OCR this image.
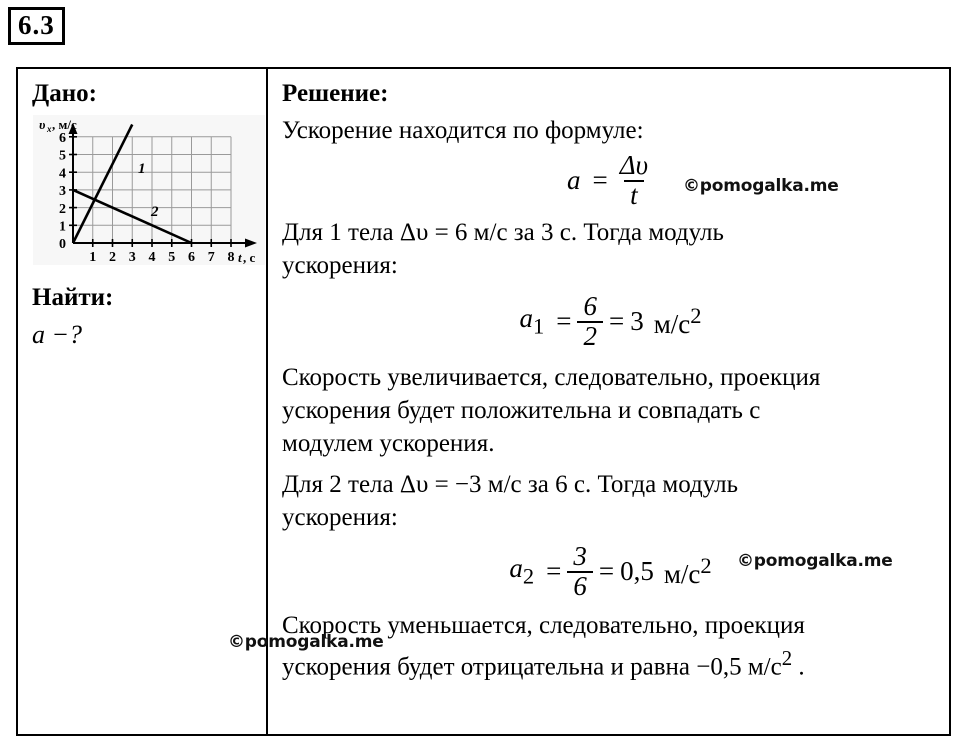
6.3
Дано:
0
1
2
3
4
5
6
1 2 3 4 5 6 7 8
υ x , м/с
t , c
1
2
Найти:
a −?
Решение:
Ускорение находится по формуле:
$a = \frac{\Delta\upsilon}{t}$
Для 1 тела Δυ = 6 м/с за 3 с. Тогда модуль
ускорения:
$a_1 = \frac{6}{2} = 3$ $м/с^2$
Скорость увеличивается, следовательно, проекция
ускорения будет положительна и совпадать с
модулем ускорения.
Для 2 тела Δυ = −3 м/с за 6 с. Тогда модуль
ускорения:
$a_2 = \frac{3}{6} = 0,5$ $м/с^2$
Скорость уменьшается, следовательно, проекция
ускорения будет отрицательна и равна −0,5 $м/с^2$ .
©pomogalka.me
©pomogalka.me
©pomogalka.me
